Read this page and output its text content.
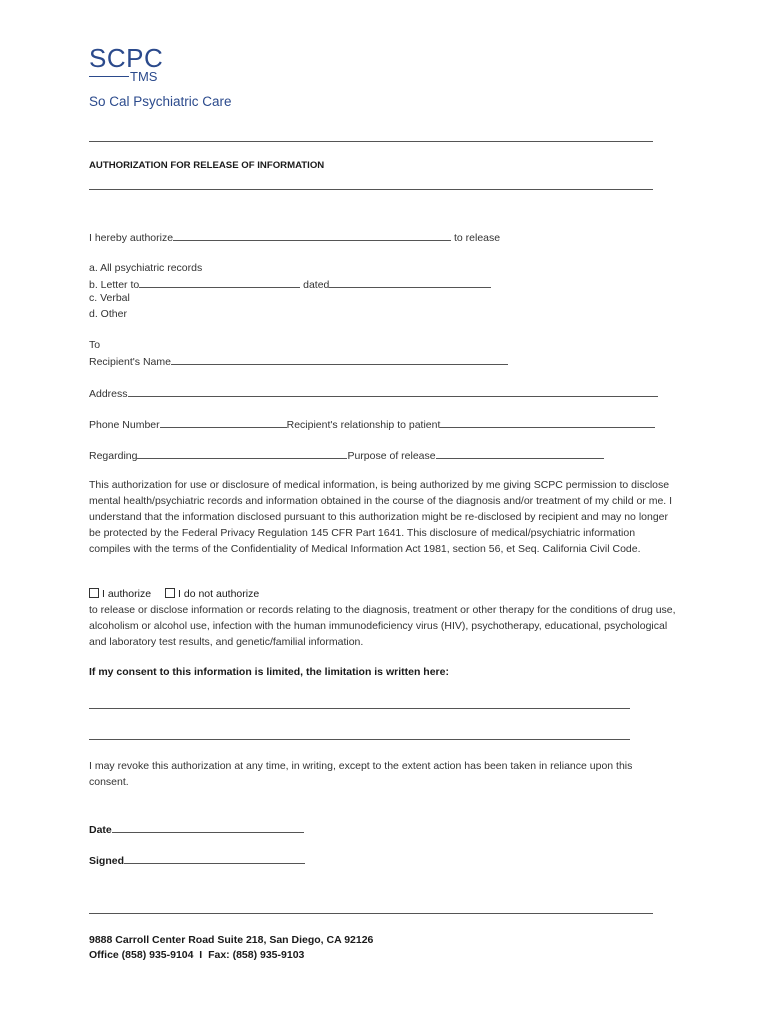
SCPC
TMS
So Cal Psychiatric Care
AUTHORIZATION FOR RELEASE OF INFORMATION
I hereby authorize	to release
a. All psychiatric records
b. Letter to	dated
c. Verbal
d. Other
To
Recipient's Name
Address
Phone Number	Recipient's relationship to patient
Regarding	Purpose of release
This authorization for use or disclosure of medical information, is being authorized by me giving SCPC permission to disclose mental health/psychiatric records and information obtained in the course of the diagnosis and/or treatment of my child or me. I understand that the information disclosed pursuant to this authorization might be re-disclosed by recipient and may no longer be protected by the Federal Privacy Regulation 145 CFR Part 1641. This disclosure of medical/psychiatric information compiles with the terms of the Confidentiality of Medical Information Act 1981, section 56, et Seq. California Civil Code.
I authorize	I do not authorize
to release or disclose information or records relating to the diagnosis, treatment or other therapy for the conditions of drug use, alcoholism or alcohol use, infection with the human immunodeficiency virus (HIV), psychotherapy, educational, psychological and laboratory test results, and genetic/familial information.
If my consent to this information is limited, the limitation is written here:
I may revoke this authorization at any time, in writing, except to the extent action has been taken in reliance upon this consent.
Date
Signed
9888 Carroll Center Road Suite 218, San Diego, CA 92126
Office (858) 935-9104  I  Fax: (858) 935-9103
